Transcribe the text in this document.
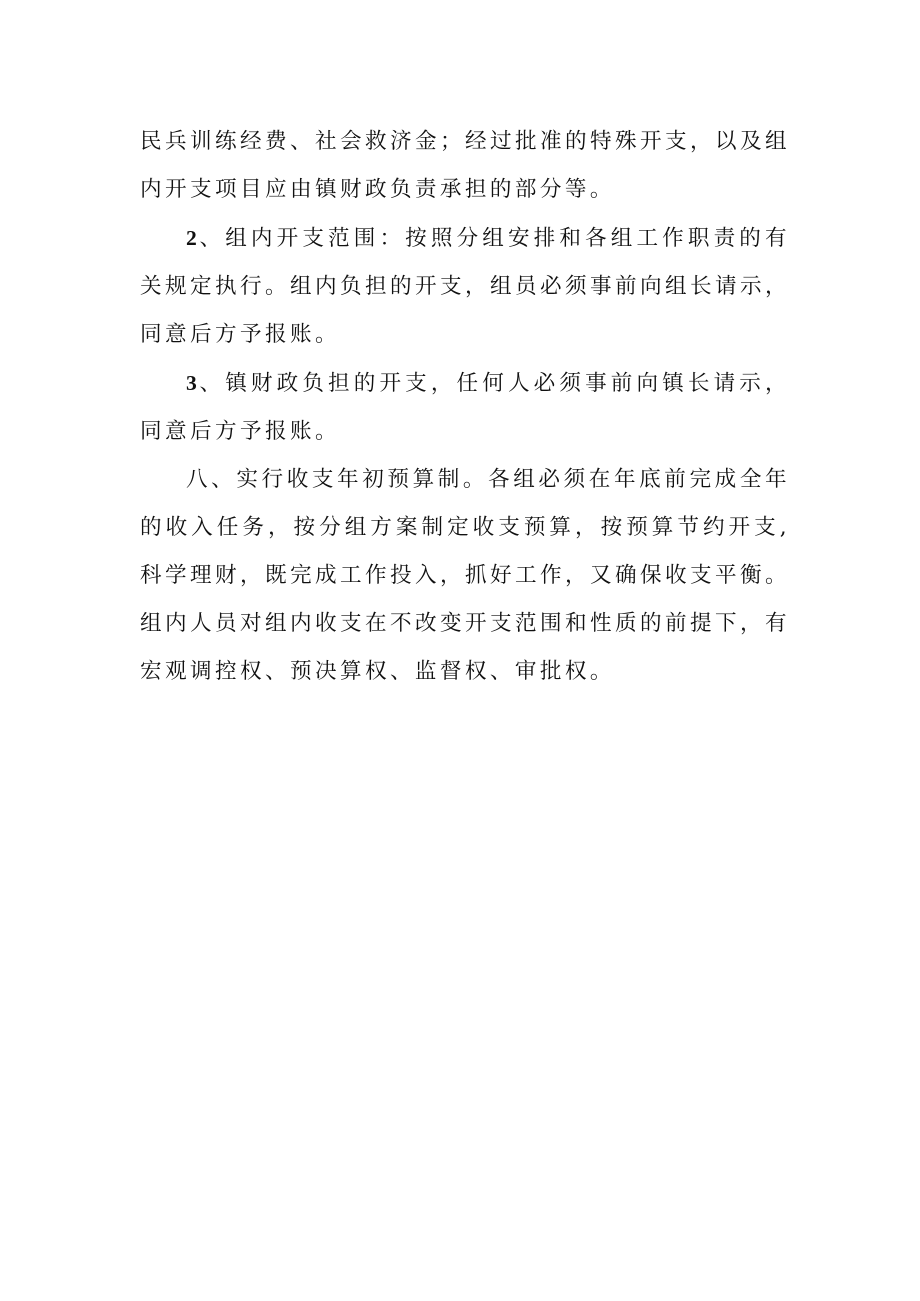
民兵训练经费、社会救济金；经过批准的特殊开支，以及组内开支项目应由镇财政负责承担的部分等。

2、组内开支范围：按照分组安排和各组工作职责的有关规定执行。组内负担的开支，组员必须事前向组长请示，同意后方予报账。

3、镇财政负担的开支，任何人必须事前向镇长请示，同意后方予报账。

八、实行收支年初预算制。各组必须在年底前完成全年的收入任务，按分组方案制定收支预算，按预算节约开支,科学理财，既完成工作投入，抓好工作，又确保收支平衡。组内人员对组内收支在不改变开支范围和性质的前提下，有宏观调控权、预决算权、监督权、审批权。
